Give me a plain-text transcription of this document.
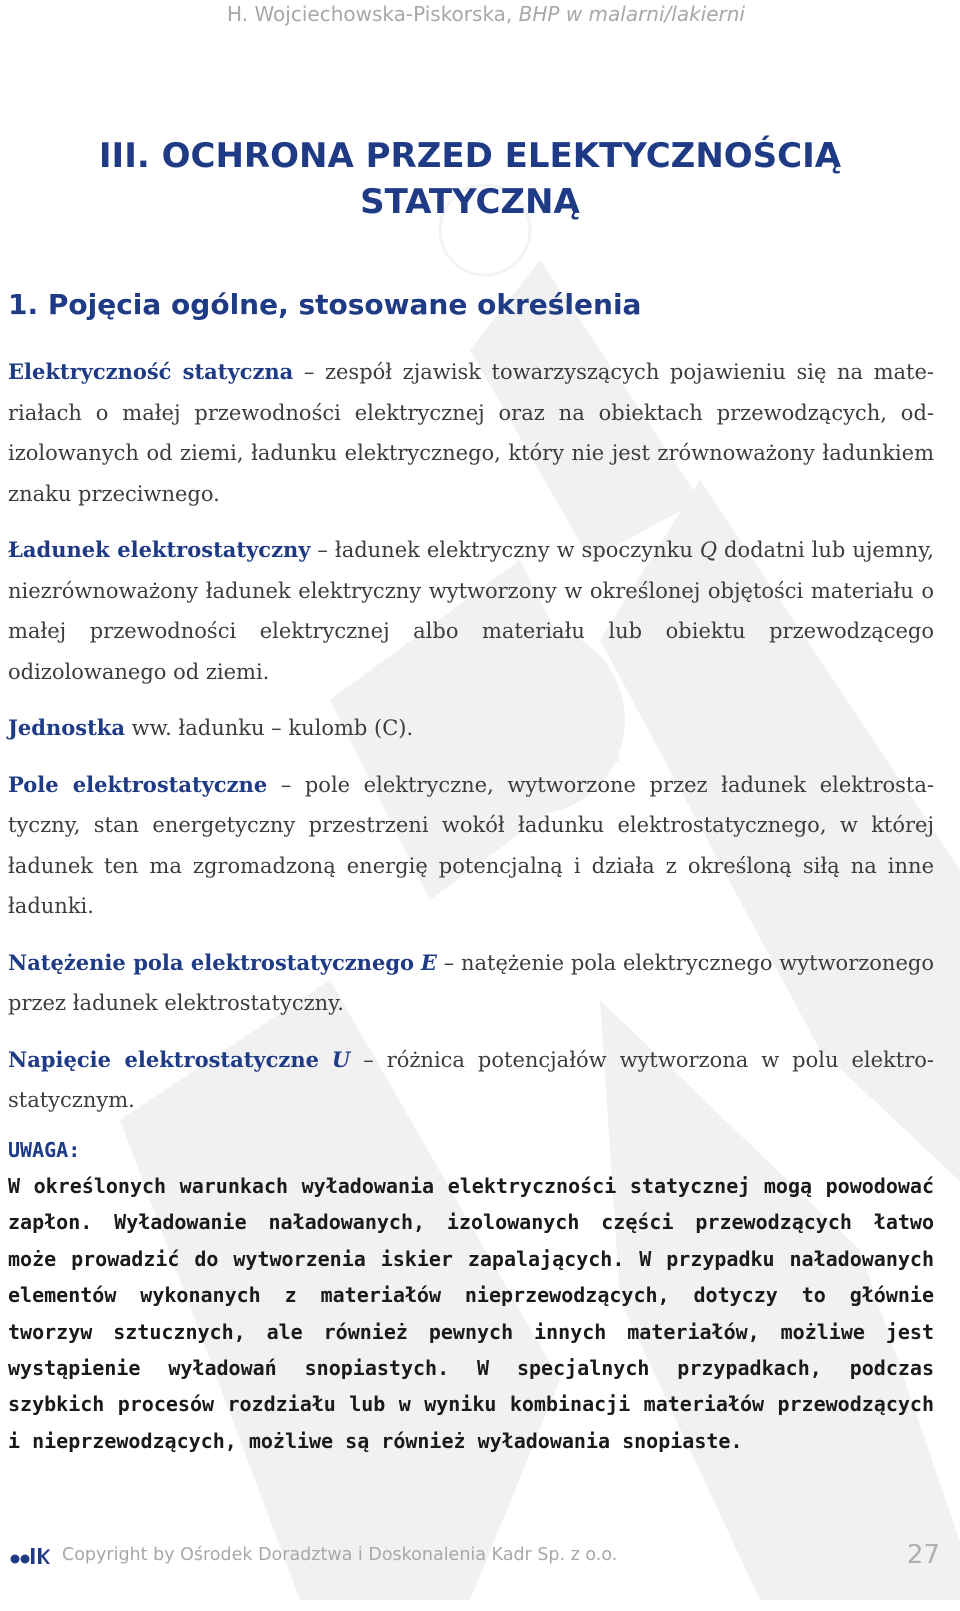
H. Wojciechowska-Piskorska, BHP w malarni/lakierni
III. OCHRONA PRZED ELEKTYCZNOŚCIĄ
STATYCZNĄ
1. Pojęcia ogólne, stosowane określenia

Elektryczność statyczna – zespół zjawisk towarzyszących pojawieniu się na materiałach o małej przewodności elektrycznej oraz na obiektach przewodzących, odizolowanych od ziemi, ładunku elektrycznego, który nie jest zrównoważony ładunkiem znaku przeciwnego.

Ładunek elektrostatyczny – ładunek elektryczny w spoczynku Q dodatni lub ujemny, niezrównoważony ładunek elektryczny wytworzony w określonej objętości materiału o małej przewodności elektrycznej albo materiału lub obiektu przewodzącego odizolowanego od ziemi.

Jednostka ww. ładunku – kulomb (C).

Pole elektrostatyczne – pole elektryczne, wytworzone przez ładunek elektrostatyczny, stan energetyczny przestrzeni wokół ładunku elektrostatycznego, w której ładunek ten ma zgromadzoną energię potencjalną i działa z określoną siłą na inne ładunki.

Natężenie pola elektrostatycznego E – natężenie pola elektrycznego wytworzonego przez ładunek elektrostatyczny.

Napięcie elektrostatyczne U – różnica potencjałów wytworzona w polu elektrostatycznym.

UWAGA:

W określonych warunkach wyładowania elektryczności statycznej mogą powodować zapłon. Wyładowanie naładowanych, izolowanych części przewodzących łatwo może prowadzić do wytworzenia iskier zapalających. W przypadku naładowanych elementów wykonanych z materiałów nieprzewodzących, dotyczy to głównie tworzyw sztucznych, ale również pewnych innych materiałów, możliwe jest wystąpienie wyładowań snopiastych. W specjalnych przypadkach, podczas szybkich procesów rozdziału lub w wyniku kombinacji materiałów przewodzących i nieprzewodzących, możliwe są również wyładowania snopiaste.

Copyright by Ośrodek Doradztwa i Doskonalenia Kadr Sp. z o.o.	27
